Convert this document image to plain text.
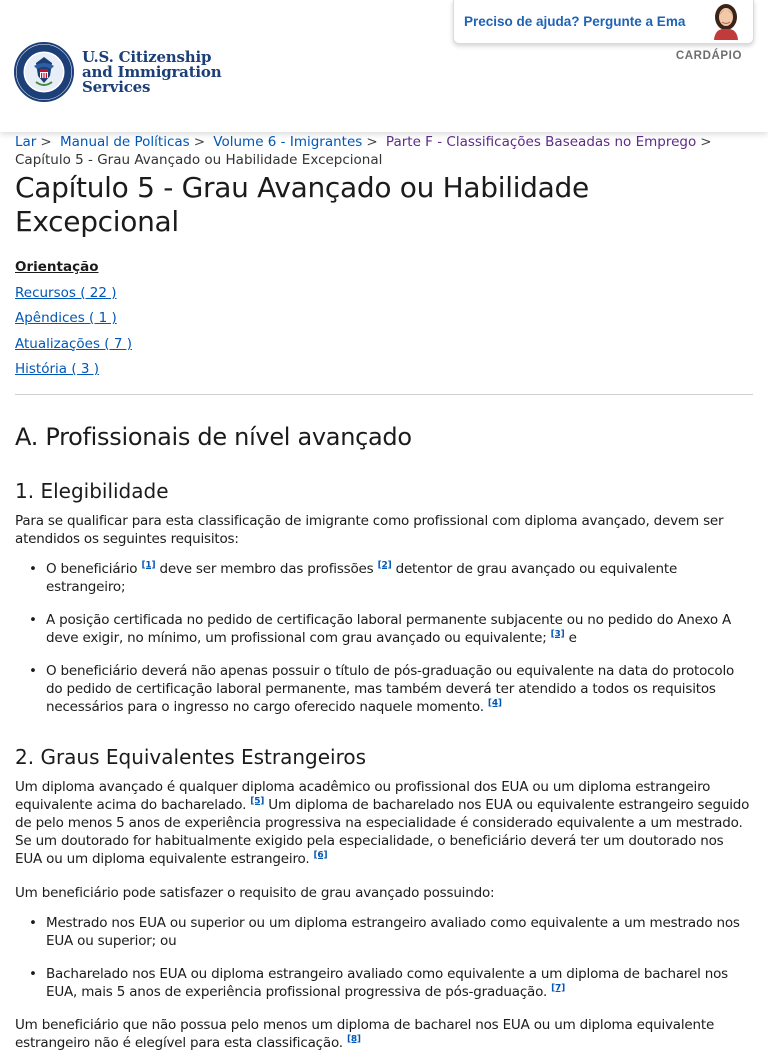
U.S. Citizenship
and Immigration
Services
Preciso de ajuda? Pergunte a Ema
CARDÁPIO
Lar > Manual de Políticas > Volume 6 - Imigrantes > Parte F - Classificações Baseadas no Emprego > Capítulo 5 - Grau Avançado ou Habilidade Excepcional
Capítulo 5 - Grau Avançado ou Habilidade Excepcional
Orientação
Recursos ( 22 )
Apêndices ( 1 )
Atualizações ( 7 )
História ( 3 )
A. Profissionais de nível avançado
1. Elegibilidade

Para se qualificar para esta classificação de imigrante como profissional com diploma avançado, devem ser atendidos os seguintes requisitos:

• O beneficiário [1] deve ser membro das profissões [2] detentor de grau avançado ou equivalente estrangeiro;
• A posição certificada no pedido de certificação laboral permanente subjacente ou no pedido do Anexo A deve exigir, no mínimo, um profissional com grau avançado ou equivalente; [3] e
• O beneficiário deverá não apenas possuir o título de pós-graduação ou equivalente na data do protocolo do pedido de certificação laboral permanente, mas também deverá ter atendido a todos os requisitos necessários para o ingresso no cargo oferecido naquele momento. [4]
2. Graus Equivalentes Estrangeiros

Um diploma avançado é qualquer diploma acadêmico ou profissional dos EUA ou um diploma estrangeiro equivalente acima do bacharelado. [5] Um diploma de bacharelado nos EUA ou equivalente estrangeiro seguido de pelo menos 5 anos de experiência progressiva na especialidade é considerado equivalente a um mestrado. Se um doutorado for habitualmente exigido pela especialidade, o beneficiário deverá ter um doutorado nos EUA ou um diploma equivalente estrangeiro. [6]

Um beneficiário pode satisfazer o requisito de grau avançado possuindo:

• Mestrado nos EUA ou superior ou um diploma estrangeiro avaliado como equivalente a um mestrado nos EUA ou superior; ou
• Bacharelado nos EUA ou diploma estrangeiro avaliado como equivalente a um diploma de bacharel nos EUA, mais 5 anos de experiência profissional progressiva de pós-graduação. [7]

Um beneficiário que não possua pelo menos um diploma de bacharel nos EUA ou um diploma equivalente estrangeiro não é elegível para esta classificação. [8]
